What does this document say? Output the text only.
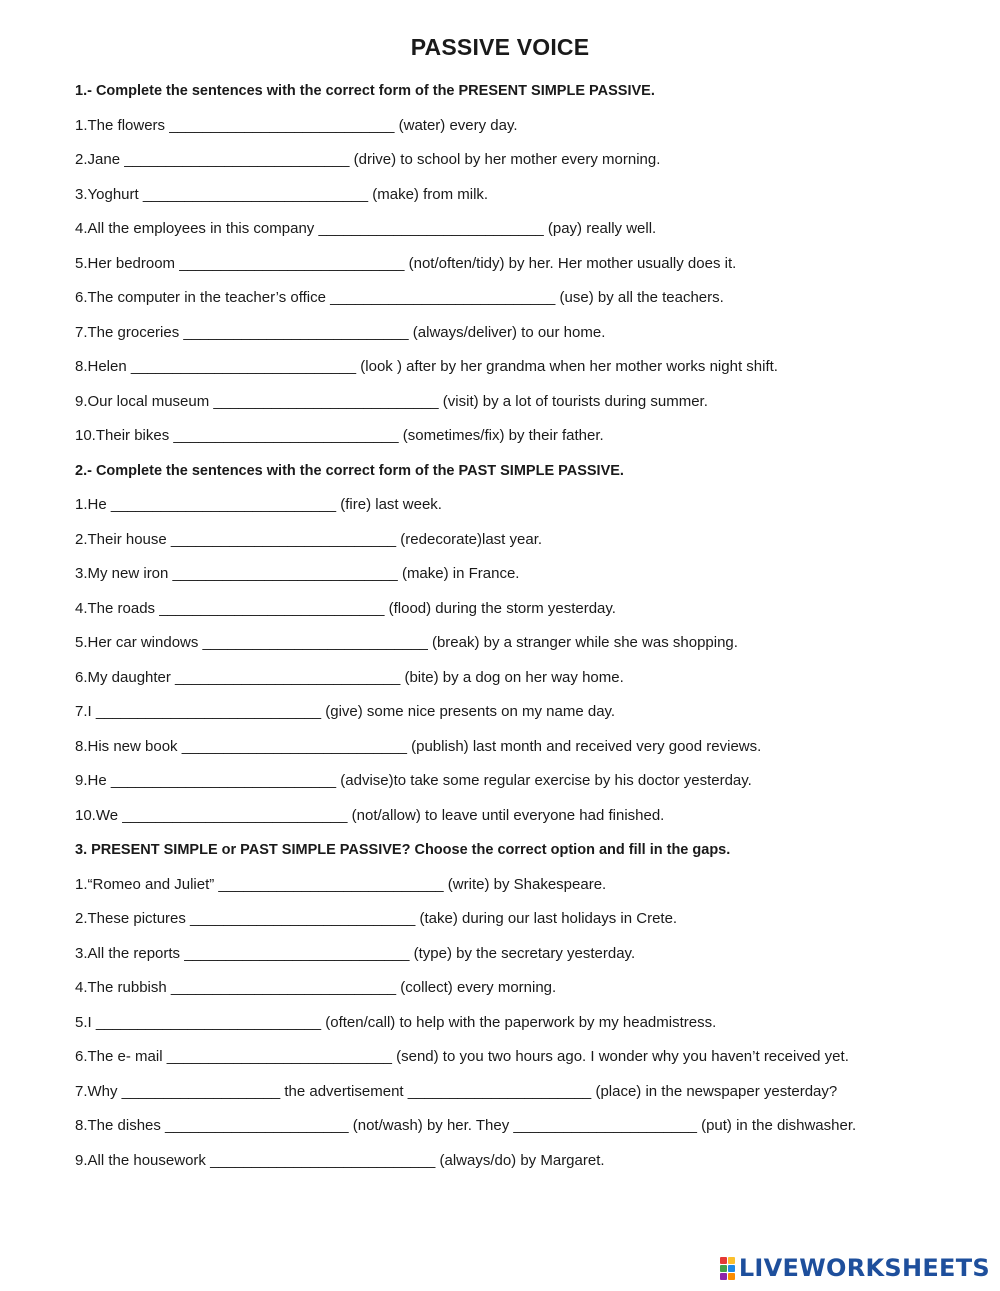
PASSIVE VOICE
1.- Complete the sentences with the correct form of the PRESENT SIMPLE PASSIVE.
1.The flowers ___________________________ (water) every day.
2.Jane ___________________________ (drive) to school by her mother every morning.
3.Yoghurt ___________________________ (make) from milk.
4.All the employees in this company ___________________________ (pay) really well.
5.Her bedroom ___________________________ (not/often/tidy) by her. Her mother usually does it.
6.The computer in the teacher’s office ___________________________ (use) by all the teachers.
7.The groceries ___________________________ (always/deliver) to our home.
8.Helen ___________________________ (look ) after by her grandma when her mother works night shift.
9.Our local museum ___________________________ (visit) by a lot of tourists during summer.
10.Their bikes ___________________________ (sometimes/fix) by their father.
2.- Complete the sentences with the correct form of the PAST SIMPLE PASSIVE.
1.He ___________________________ (fire) last week.
2.Their house ___________________________ (redecorate)last year.
3.My new iron ___________________________ (make) in France.
4.The roads ___________________________ (flood) during the storm yesterday.
5.Her car windows ___________________________ (break) by a stranger while she was shopping.
6.My daughter ___________________________ (bite) by a dog on her way home.
7.I ___________________________ (give) some nice presents on my name day.
8.His new book ___________________________ (publish) last month and received very good reviews.
9.He ___________________________ (advise)to take some regular exercise by his doctor yesterday.
10.We ___________________________ (not/allow) to leave until everyone had finished.
3. PRESENT SIMPLE or PAST SIMPLE PASSIVE? Choose the correct option and fill in the gaps.
1.“Romeo and Juliet” ___________________________ (write) by Shakespeare.
2.These pictures ___________________________ (take) during our last holidays in Crete.
3.All the reports ___________________________ (type) by the secretary yesterday.
4.The rubbish ___________________________ (collect) every morning.
5.I ___________________________ (often/call) to help with the paperwork by my headmistress.
6.The e- mail ___________________________ (send) to you two hours ago. I wonder why you haven’t received yet.
7.Why ___________________ the advertisement ______________________ (place) in the newspaper yesterday?
8.The dishes ______________________ (not/wash) by her. They ______________________ (put) in the dishwasher.
9.All the housework ___________________________ (always/do) by Margaret.
LIVEWORKSHEETS
